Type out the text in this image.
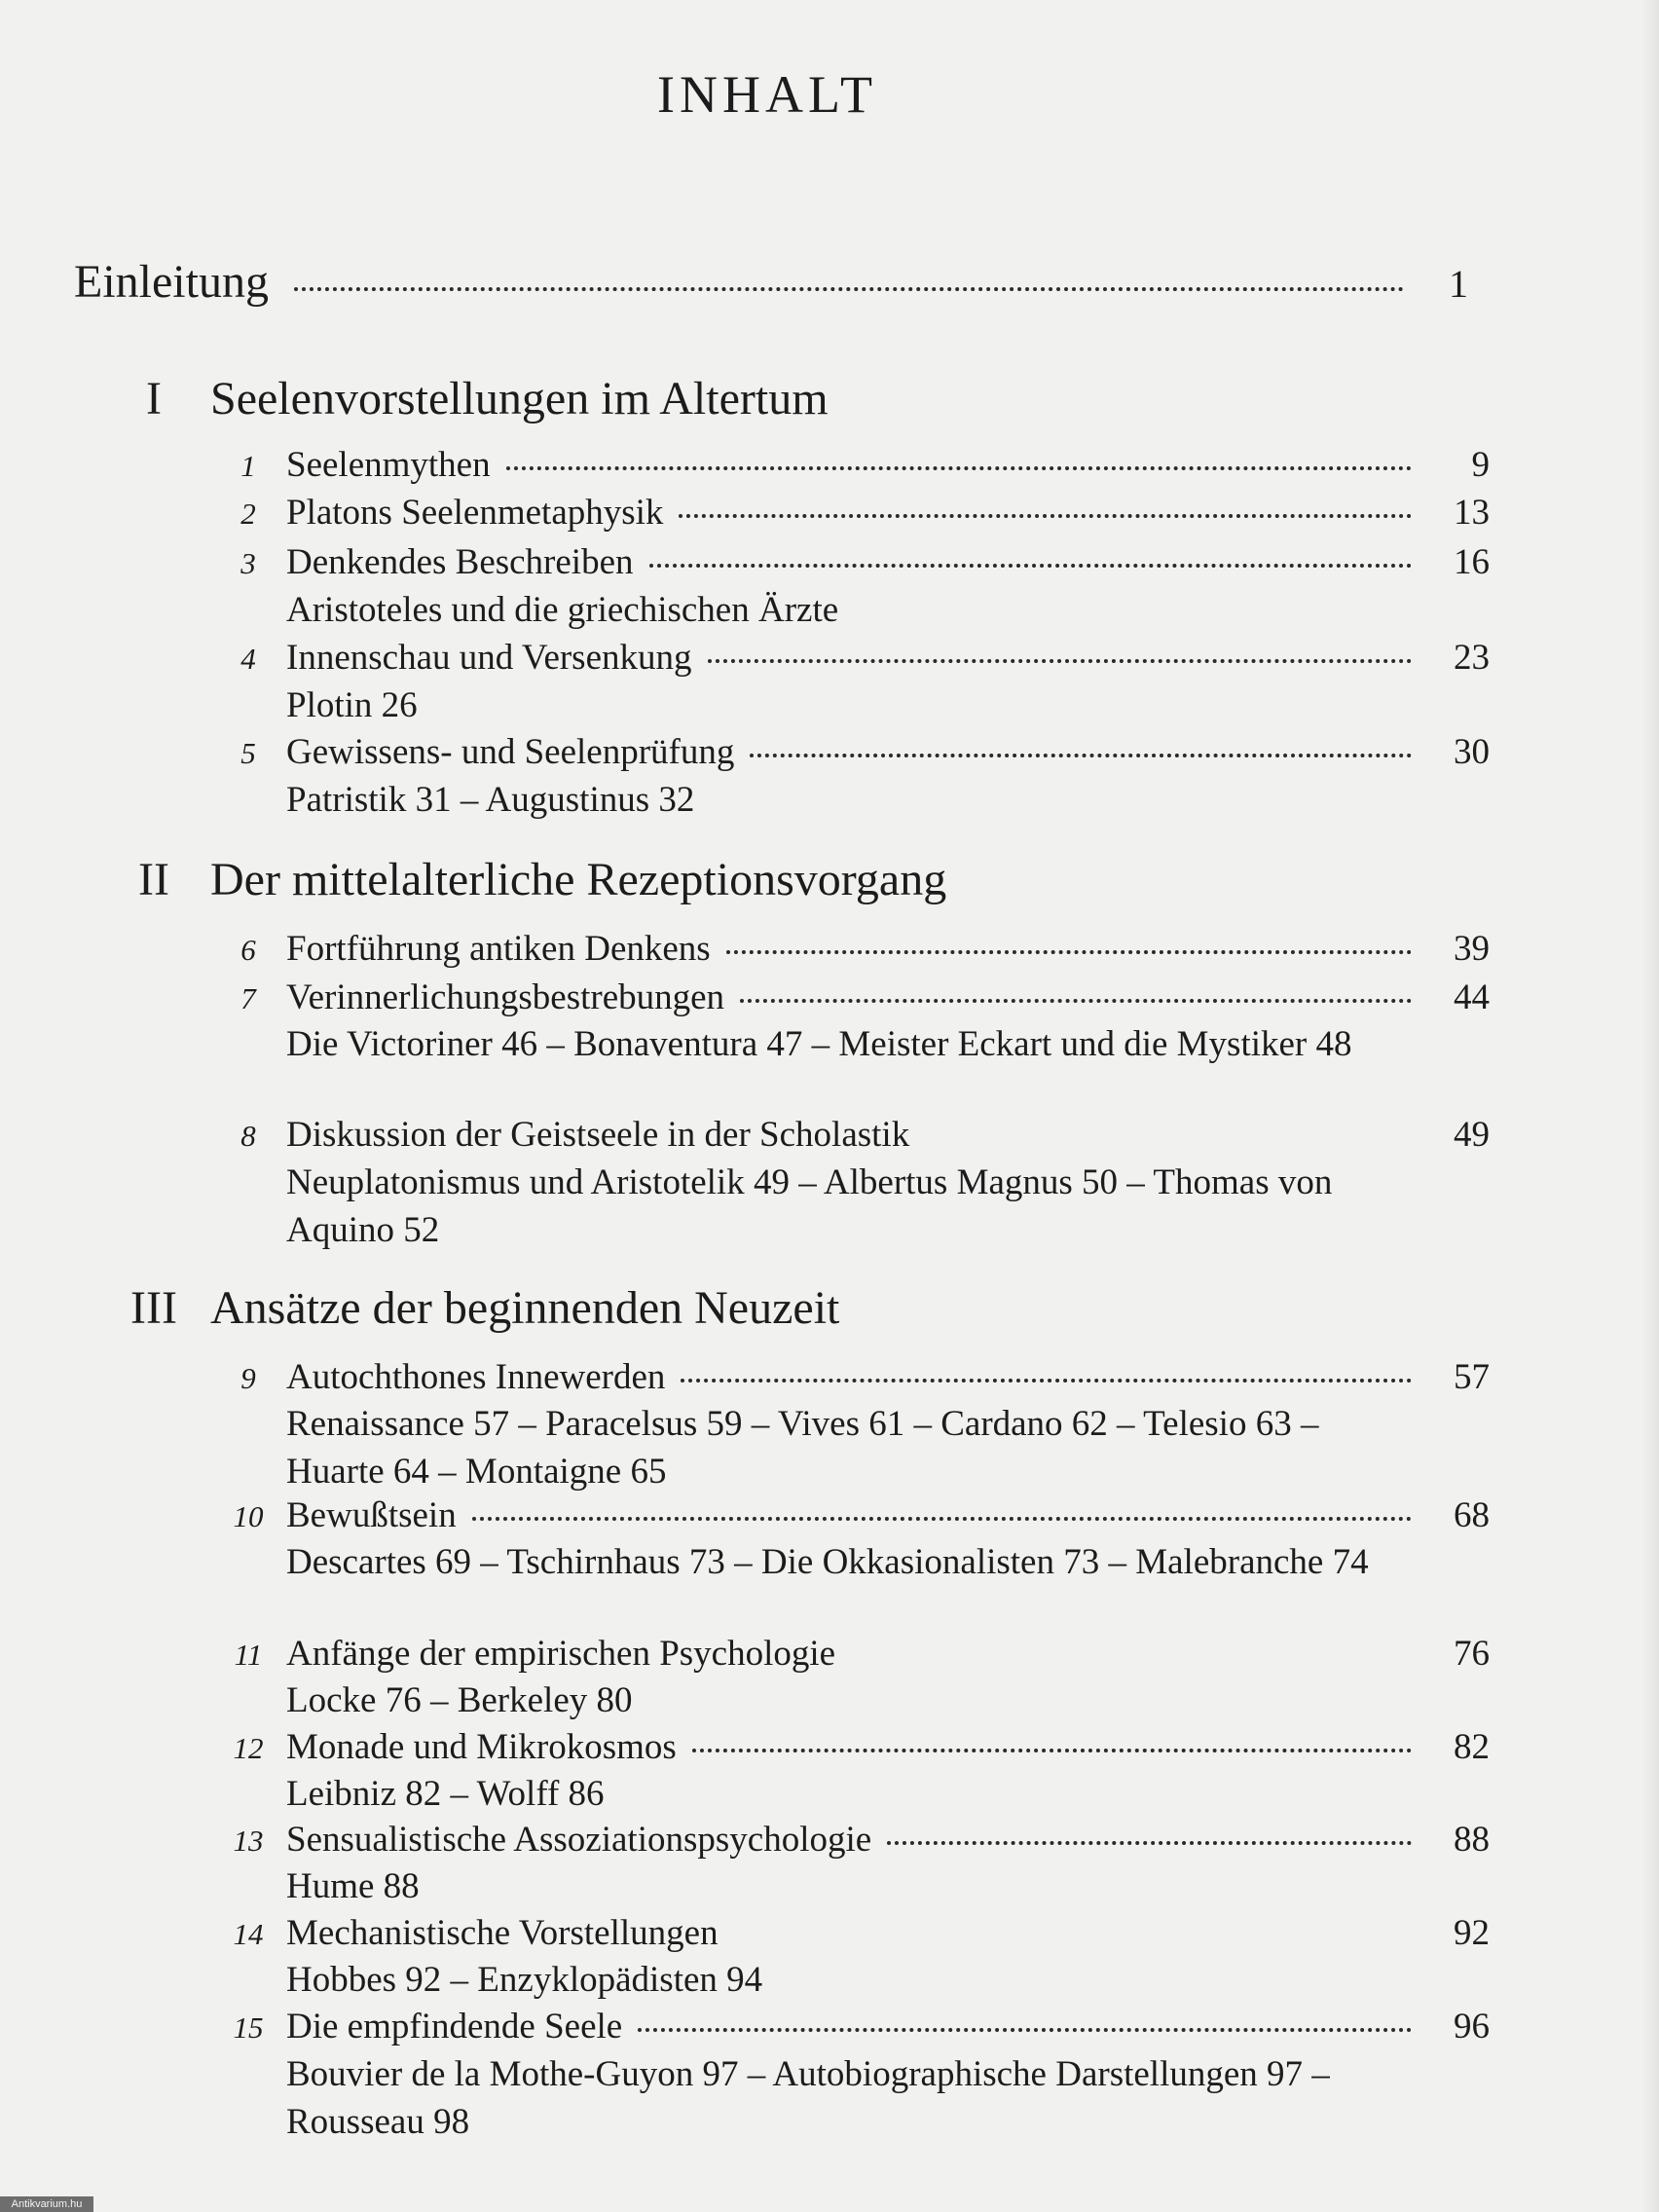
INHALT
Einleitung	1
I	Seelenvorstellungen im Altertum
1 Seelenmythen	9
2 Platons Seelenmetaphysik	13
3 Denkendes Beschreiben	16
Aristoteles und die griechischen Ärzte
4 Innenschau und Versenkung	23
Plotin 26
5 Gewissens- und Seelenprüfung	30
Patristik 31 – Augustinus 32
II Der mittelalterliche Rezeptionsvorgang
6 Fortführung antiken Denkens	39
7 Verinnerlichungsbestrebungen	44
Die Victoriner 46 – Bonaventura 47 – Meister Eckart und die Mystiker 48
8 Diskussion der Geistseele in der Scholastik	49
Neuplatonismus und Aristotelik 49 – Albertus Magnus 50 – Thomas von Aquino 52
III Ansätze der beginnenden Neuzeit
9 Autochthones Innewerden	57
Renaissance 57 – Paracelsus 59 – Vives 61 – Cardano 62 – Telesio 63 – Huarte 64 – Montaigne 65
10 Bewußtsein	68
Descartes 69 – Tschirnhaus 73 – Die Okkasionalisten 73 – Malebranche 74
11 Anfänge der empirischen Psychologie	76
Locke 76 – Berkeley 80
12 Monade und Mikrokosmos	82
Leibniz 82 – Wolff 86
13 Sensualistische Assoziationspsychologie	88
Hume 88
14 Mechanistische Vorstellungen	92
Hobbes 92 – Enzyklopädisten 94
15 Die empfindende Seele	96
Bouvier de la Mothe-Guyon 97 – Autobiographische Darstellungen 97 – Rousseau 98
Antikvarium.hu
